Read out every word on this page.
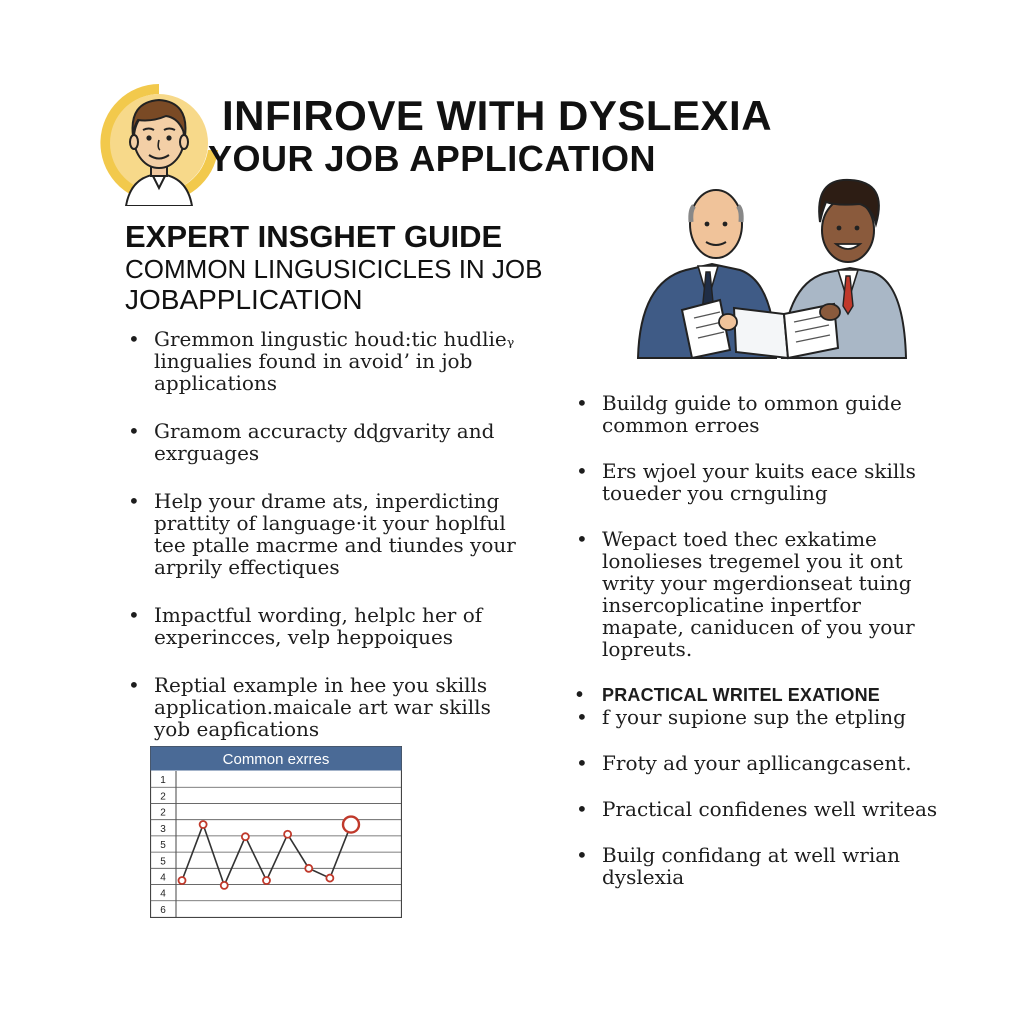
INFIROVE WITH DYSLEXIA
YOUR JOB APPLICATION
EXPERT INSGHET GUIDE
COMMON LINGUSICICLES IN JOB
JOBAPPLICATION
• Gremmon lingustic houd:tic hudlieᵧ lingualies found in avoidʼ in job applications
• Gramom accuracty dɖgvarity and exrguages
• Help your drame ats, inperdicting prattity of language·it your hoplful tee ptalle macrme and tiundes your arprily effectiques
• Impactful wording, helplc her of experincces, velp heppoiques
• Reptial example in hee you skills application.maicale art war skills yob eapfications
• Buildg guide to ommon guide common erroes
• Ers wjoel your kuits eace skills toueder you crnguling
• Wepact toed thec exkatime lonolieses tregemel you it ont writy your mgerdionseat tuing insercoplicatine inpertfor mapate, caniducen of you your lopreuts.
• PRACTICAL WRITEL EXATIONE
• f your supione sup the etpling
• Froty ad your apllicangcasent.
• Practical confidenes well writeas
• Builg confidang at well wrian dyslexia
Common exrres
1
2
2
3
5
5
4
4
6
